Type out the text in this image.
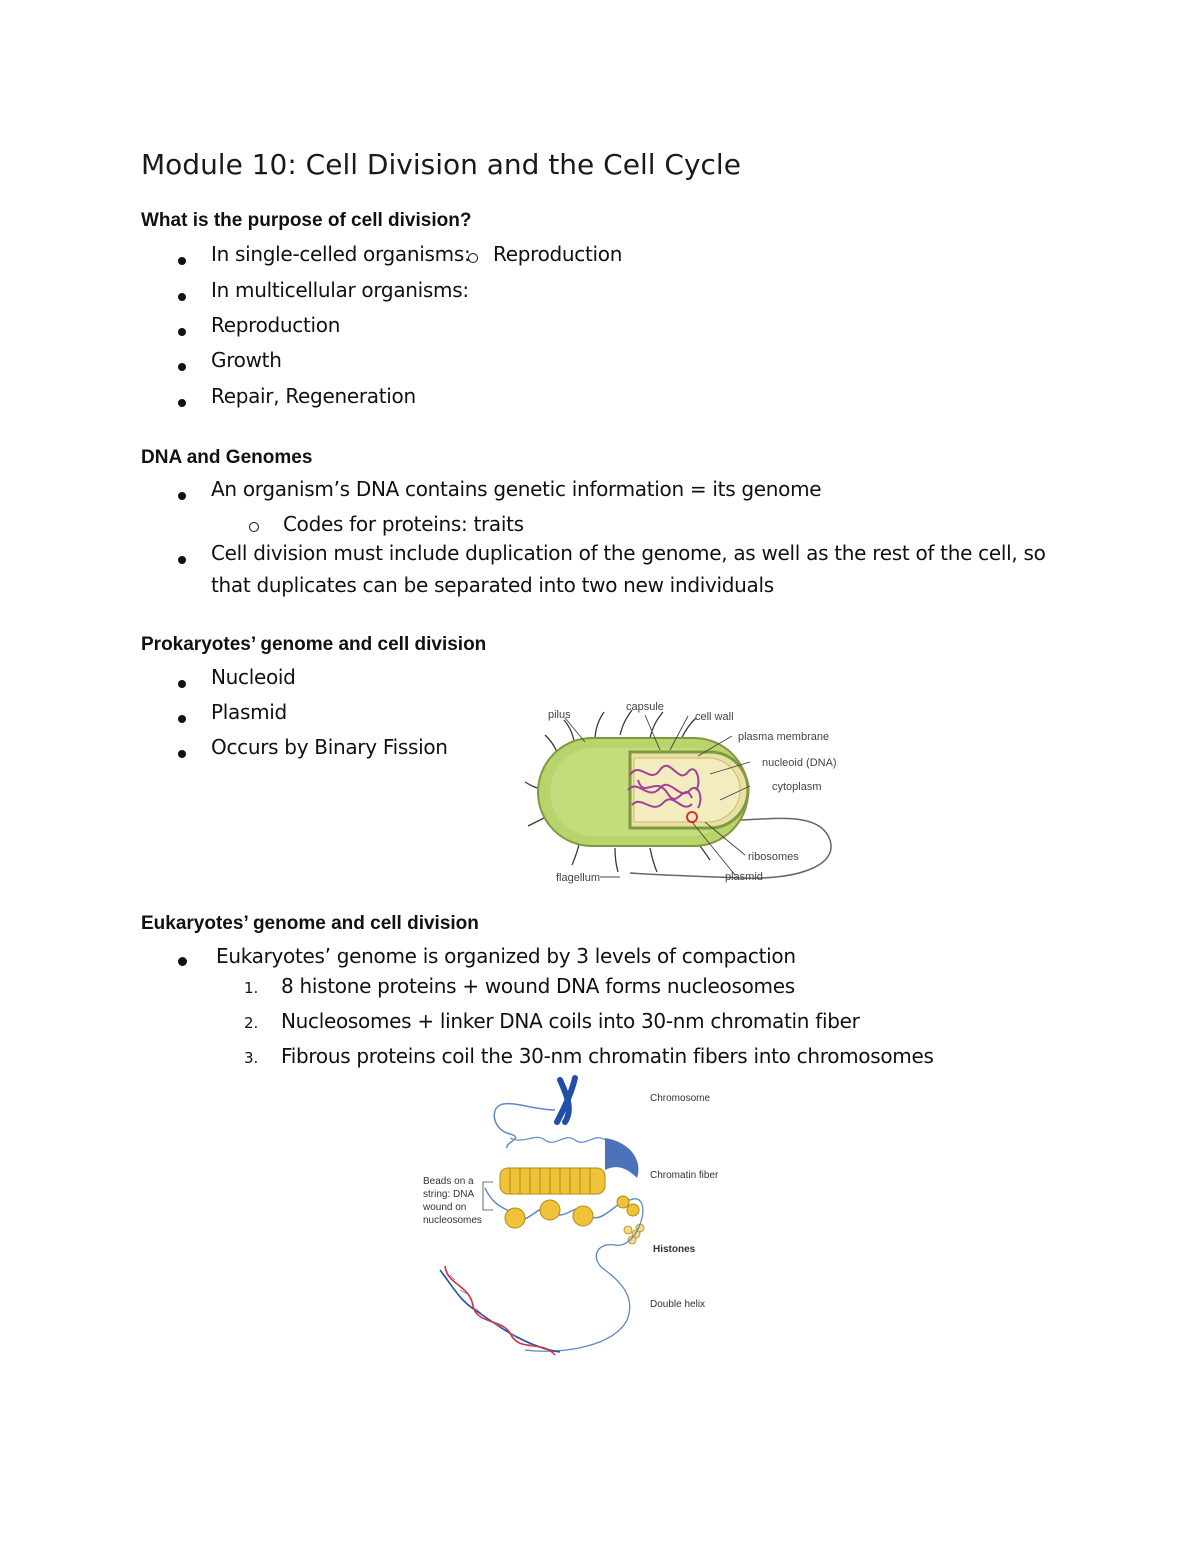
Module 10: Cell Division and the Cell Cycle
What is the purpose of cell division?
In single-celled organisms: Reproduction
In multicellular organisms:
Reproduction
Growth
Repair, Regeneration
DNA and Genomes
An organism’s DNA contains genetic information = its genome
Codes for proteins: traits
Cell division must include duplication of the genome, as well as the rest of the cell, so
that duplicates can be separated into two new individuals
Prokaryotes’ genome and cell division
Nucleoid
Plasmid
Occurs by Binary Fission
pilus
capsule
cell wall
plasma membrane
nucleoid (DNA)
cytoplasm
ribosomes
plasmid
flagellum
Eukaryotes’ genome and cell division
Eukaryotes’ genome is organized by 3 levels of compaction
1. 8 histone proteins + wound DNA forms nucleosomes
2. Nucleosomes + linker DNA coils into 30-nm chromatin fiber
3. Fibrous proteins coil the 30-nm chromatin fibers into chromosomes
Chromosome
Chromatin fiber
Beads on a
string: DNA
wound on
nucleosomes
Histones
Double helix
